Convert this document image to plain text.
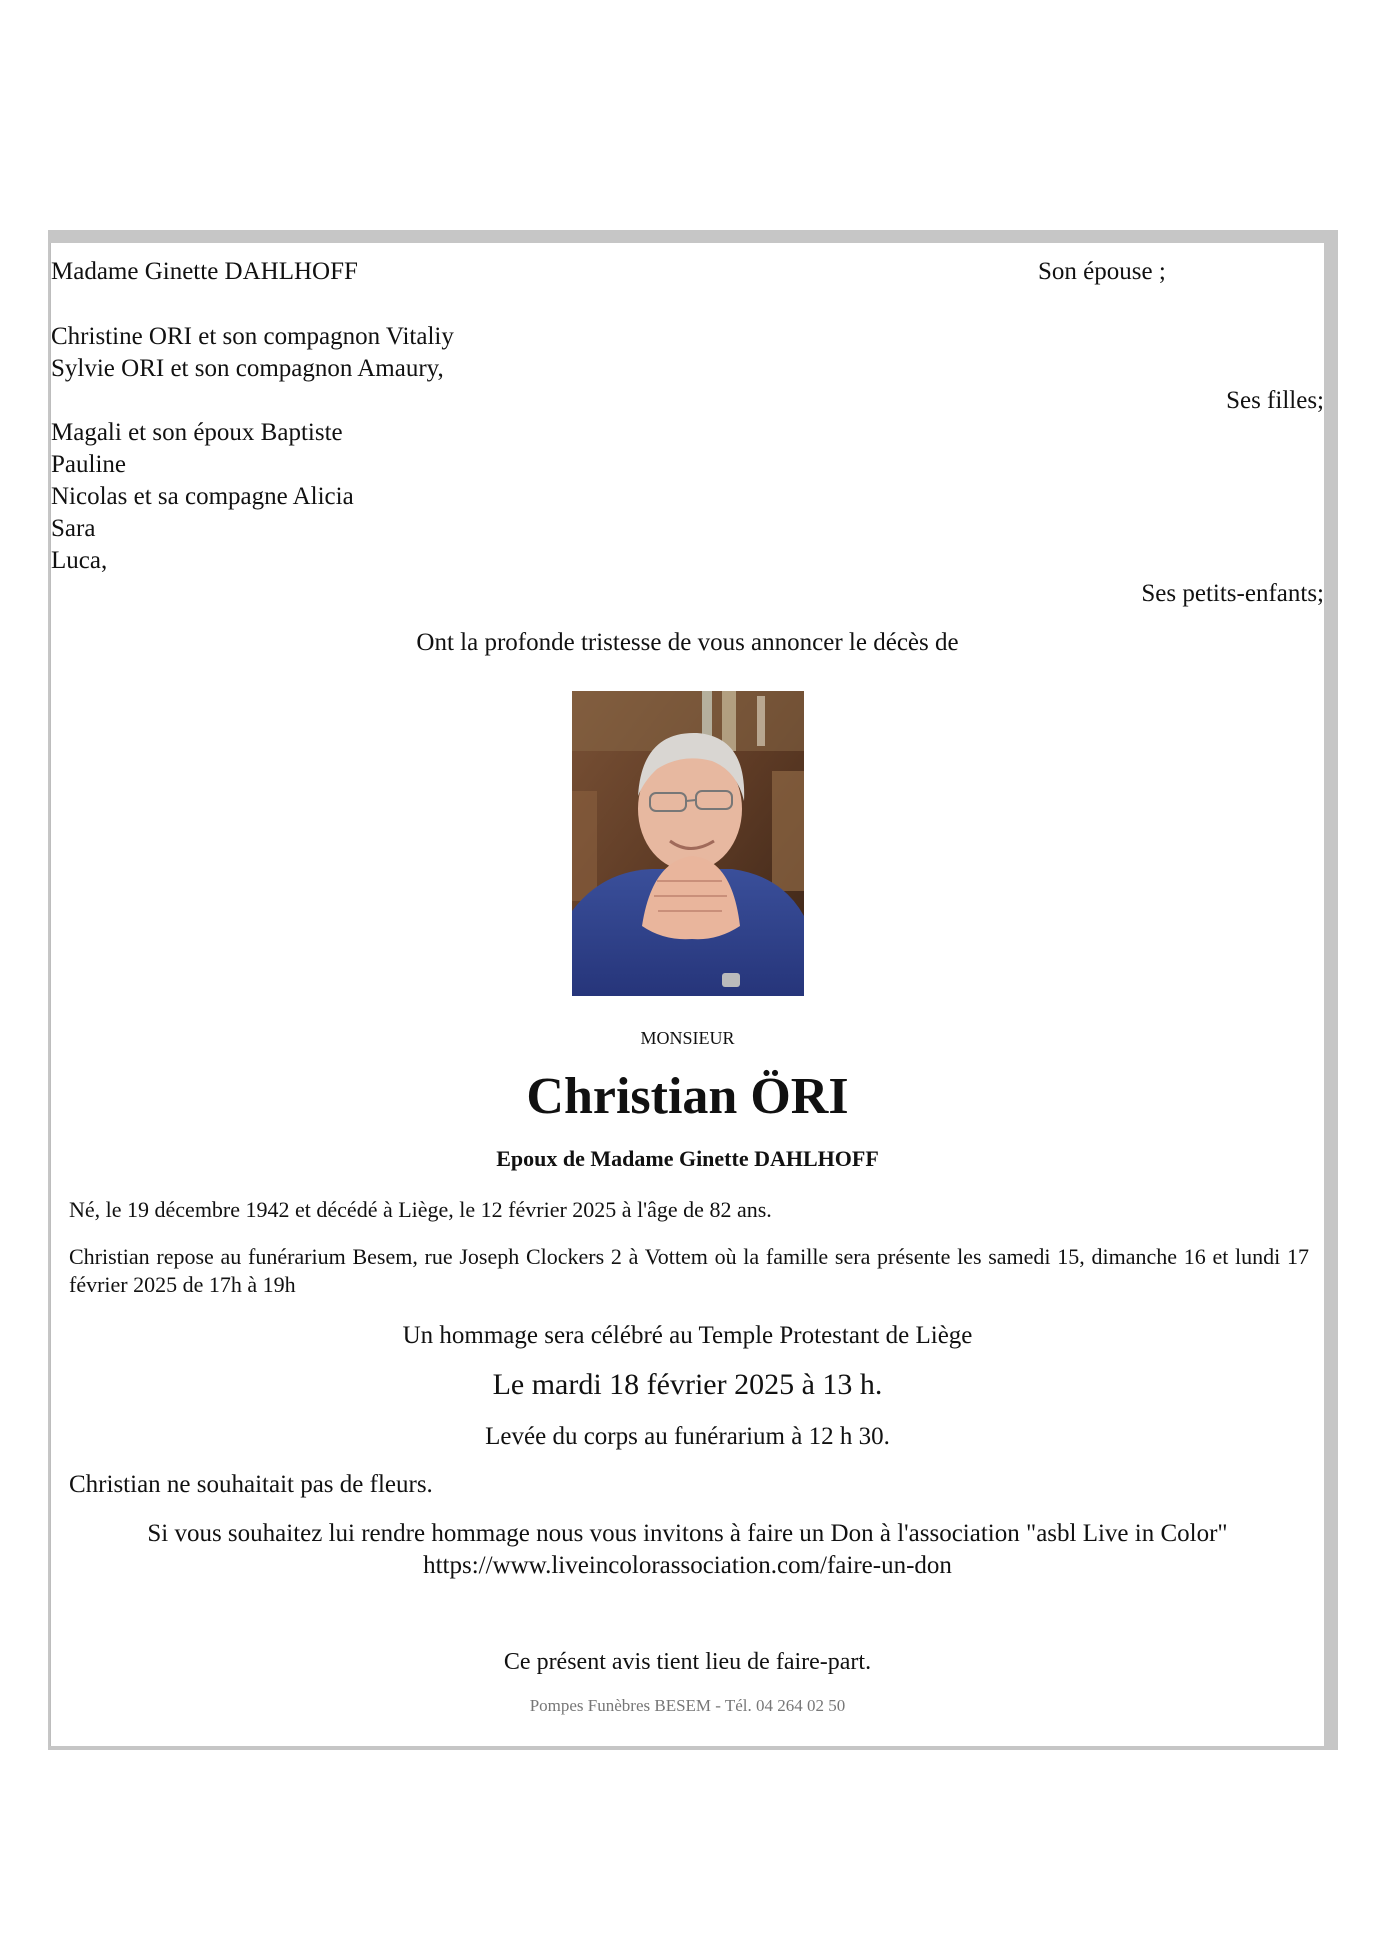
Madame Ginette DAHLHOFF	Son épouse ;
Christine ORI et son compagnon Vitaliy
Sylvie ORI et son compagnon Amaury,
Ses filles;
Magali et son époux Baptiste
Pauline
Nicolas et sa compagne Alicia
Sara
Luca,
Ses petits-enfants;
Ont la profonde tristesse de vous annoncer le décès de
MONSIEUR
Christian ÖRI
Epoux de Madame Ginette DAHLHOFF
Né, le 19 décembre 1942 et décédé à Liège, le 12 février 2025 à l'âge de 82 ans.
Christian repose au funérarium Besem, rue Joseph Clockers 2 à Vottem où la famille sera présente les samedi 15, dimanche 16 et lundi 17 février 2025 de 17h à 19h
Un hommage sera célébré au Temple Protestant de Liège
Le mardi 18 février 2025 à 13 h.
Levée du corps au funérarium à 12 h 30.
Christian ne souhaitait pas de fleurs.
Si vous souhaitez lui rendre hommage nous vous invitons à faire un Don à l'association "asbl Live in Color"
https://www.liveincolorassociation.com/faire-un-don
Ce présent avis tient lieu de faire-part.
Pompes Funèbres BESEM - Tél. 04 264 02 50
